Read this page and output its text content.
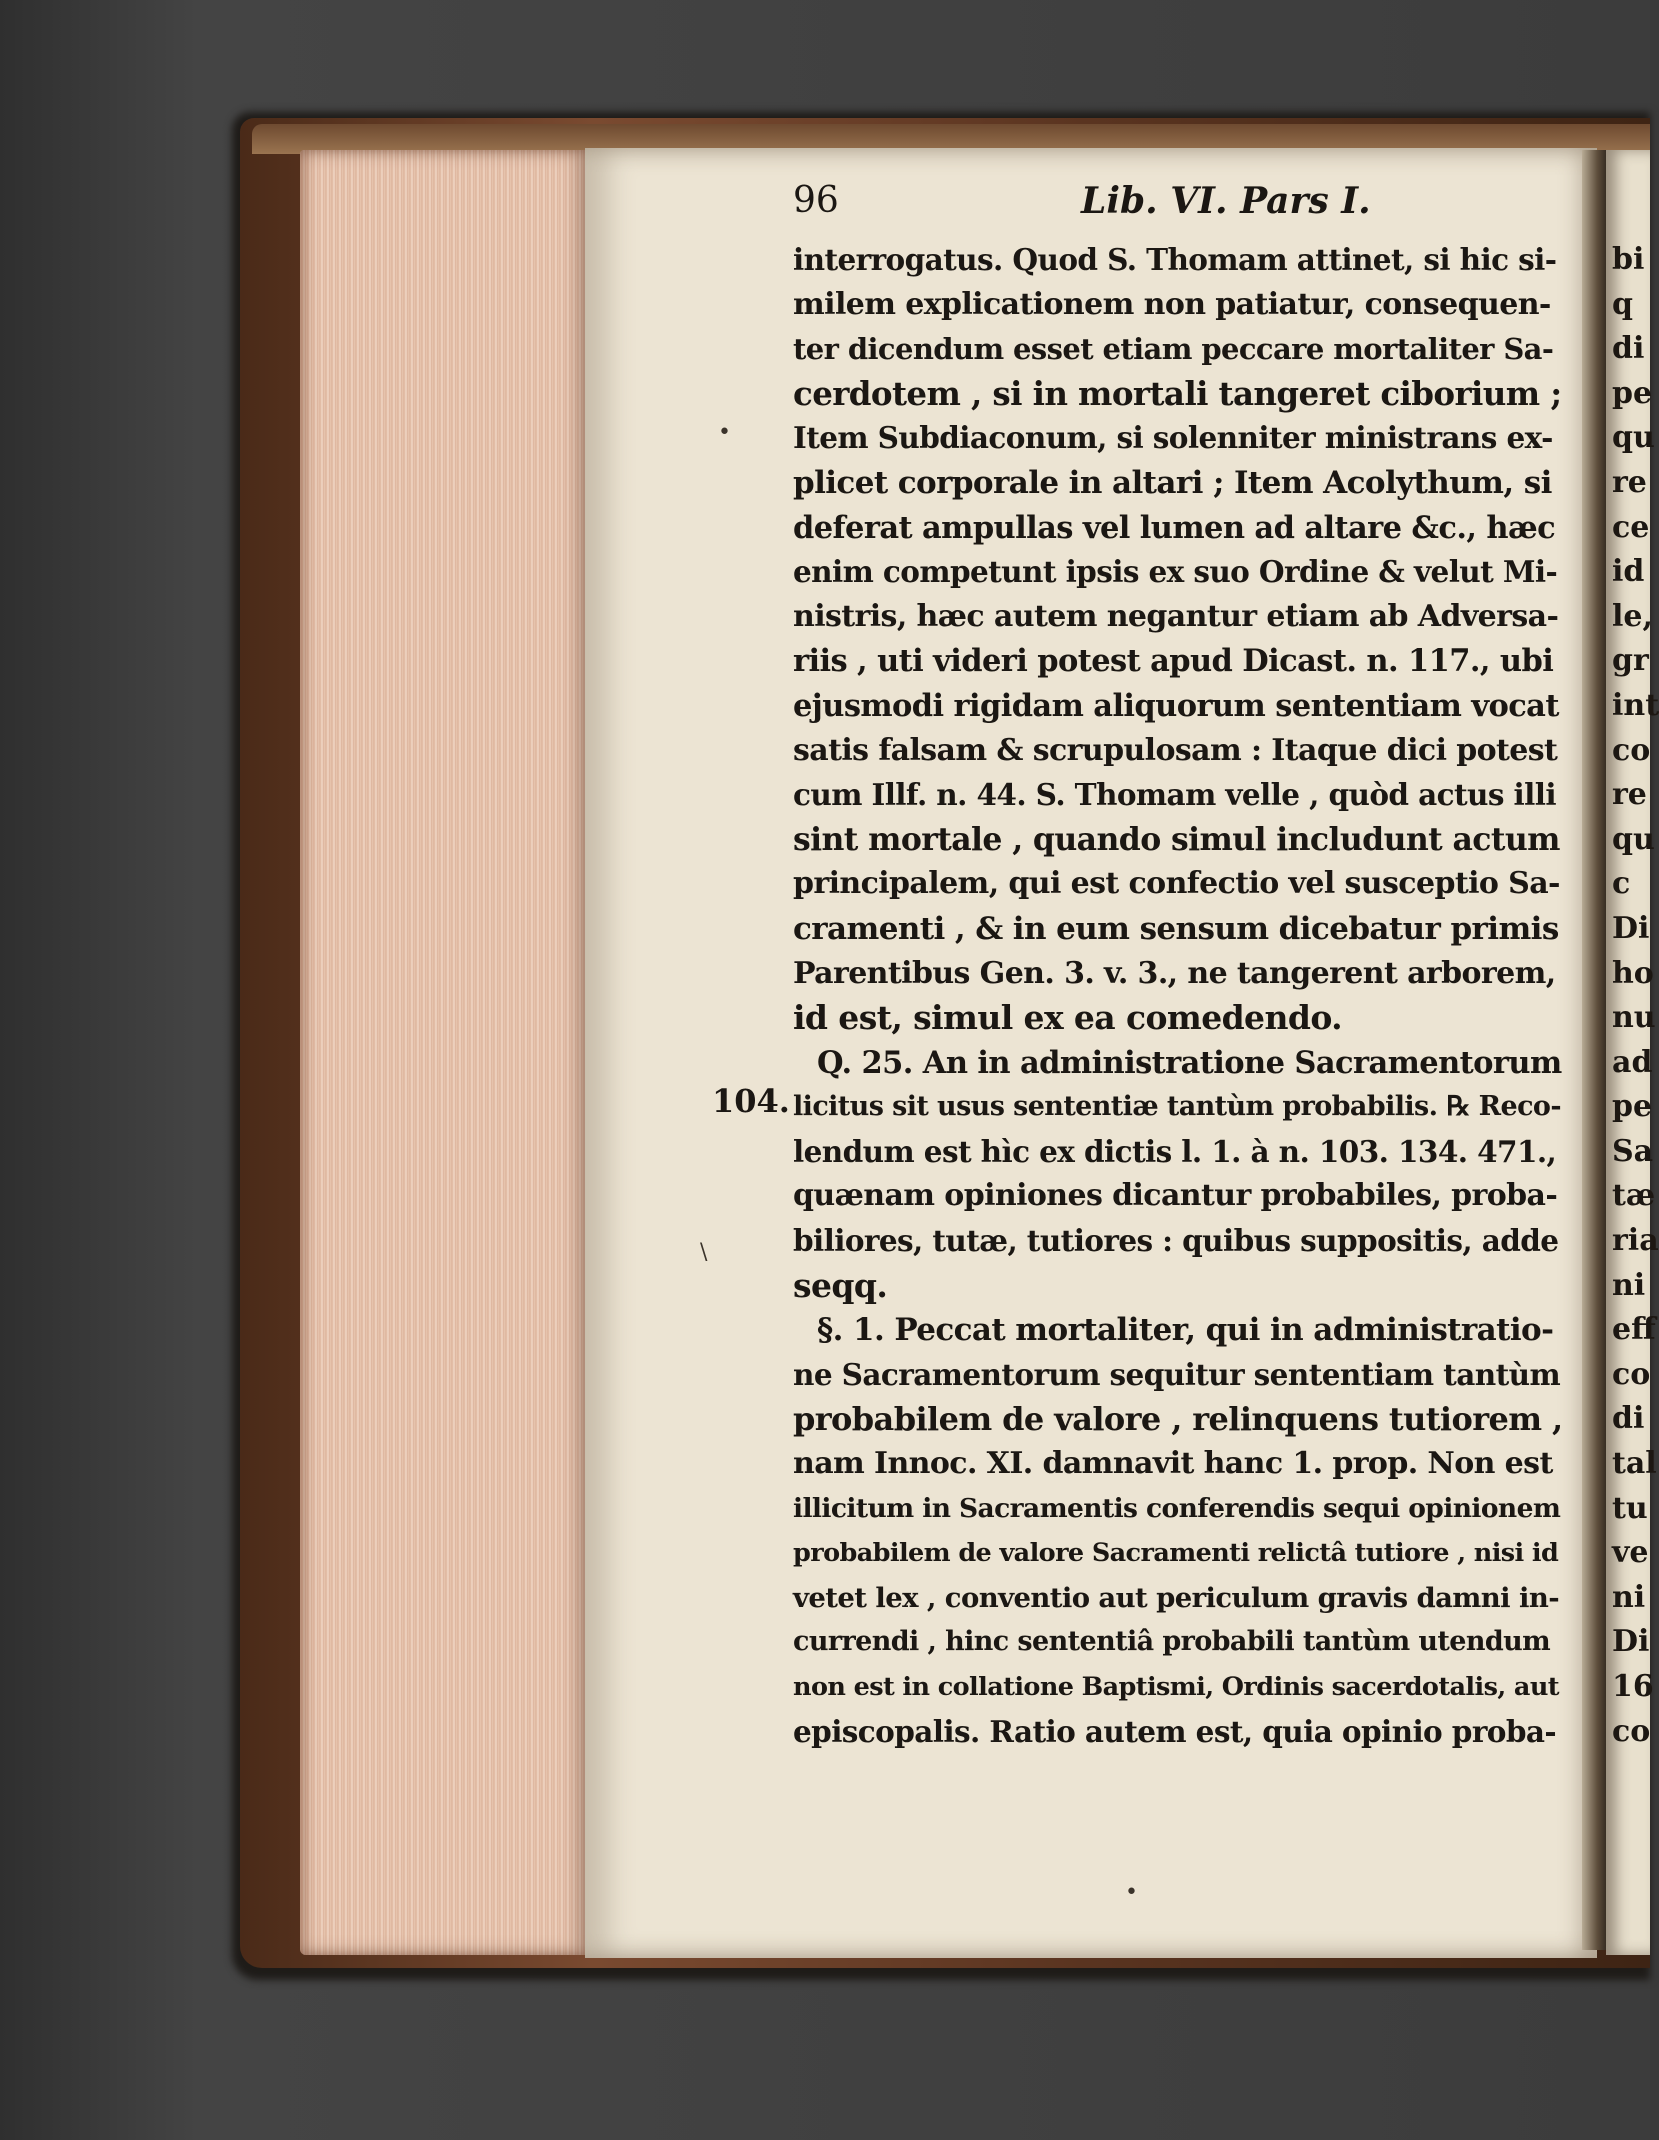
bi
q
di
pe
qu
re
ce
id
le,
gr
int
co
re
qu
c
Di
ho
nu
ad
pe
Sa
tæ
ria
ni
eff
co
di
tal
tu
ve
ni
Di
16
co
96	Lib. VI. Pars I.
interrogatus. Quod S. Thomam attinet, si hic si-
milem explicationem non patiatur, consequen-
ter dicendum esset etiam peccare mortaliter Sa-
cerdotem , si in mortali tangeret ciborium ;
Item Subdiaconum, si solenniter ministrans ex-
plicet corporale in altari ; Item Acolythum, si
deferat ampullas vel lumen ad altare &c., hæc
enim competunt ipsis ex suo Ordine & velut Mi-
nistris, hæc autem negantur etiam ab Adversa-
riis , uti videri potest apud Dicast. n. 117., ubi
ejusmodi rigidam aliquorum sententiam vocat
satis falsam & scrupulosam : Itaque dici potest
cum Illf. n. 44. S. Thomam velle , quòd actus illi
sint mortale , quando simul includunt actum
principalem, qui est confectio vel susceptio Sa-
cramenti , & in eum sensum dicebatur primis
Parentibus Gen. 3. v. 3., ne tangerent arborem,
id est, simul ex ea comedendo.
Q. 25. An in administratione Sacramentorum
licitus sit usus sententiæ tantùm probabilis. ℞ Reco-
lendum est hìc ex dictis l. 1. à n. 103. 134. 471.,
quænam opiniones dicantur probabiles, proba-
biliores, tutæ, tutiores : quibus suppositis, adde
seqq.
§. 1. Peccat mortaliter, qui in administratio-
ne Sacramentorum sequitur sententiam tantùm
probabilem de valore , relinquens tutiorem ,
nam Innoc. XI. damnavit hanc 1. prop. Non est
illicitum in Sacramentis conferendis sequi opinionem
probabilem de valore Sacramenti relictâ tutiore , nisi id
vetet lex , conventio aut periculum gravis damni in-
currendi , hinc sententiâ probabili tantùm utendum
non est in collatione Baptismi, Ordinis sacerdotalis, aut
episcopalis. Ratio autem est, quia opinio proba-
104.
•
\
•
